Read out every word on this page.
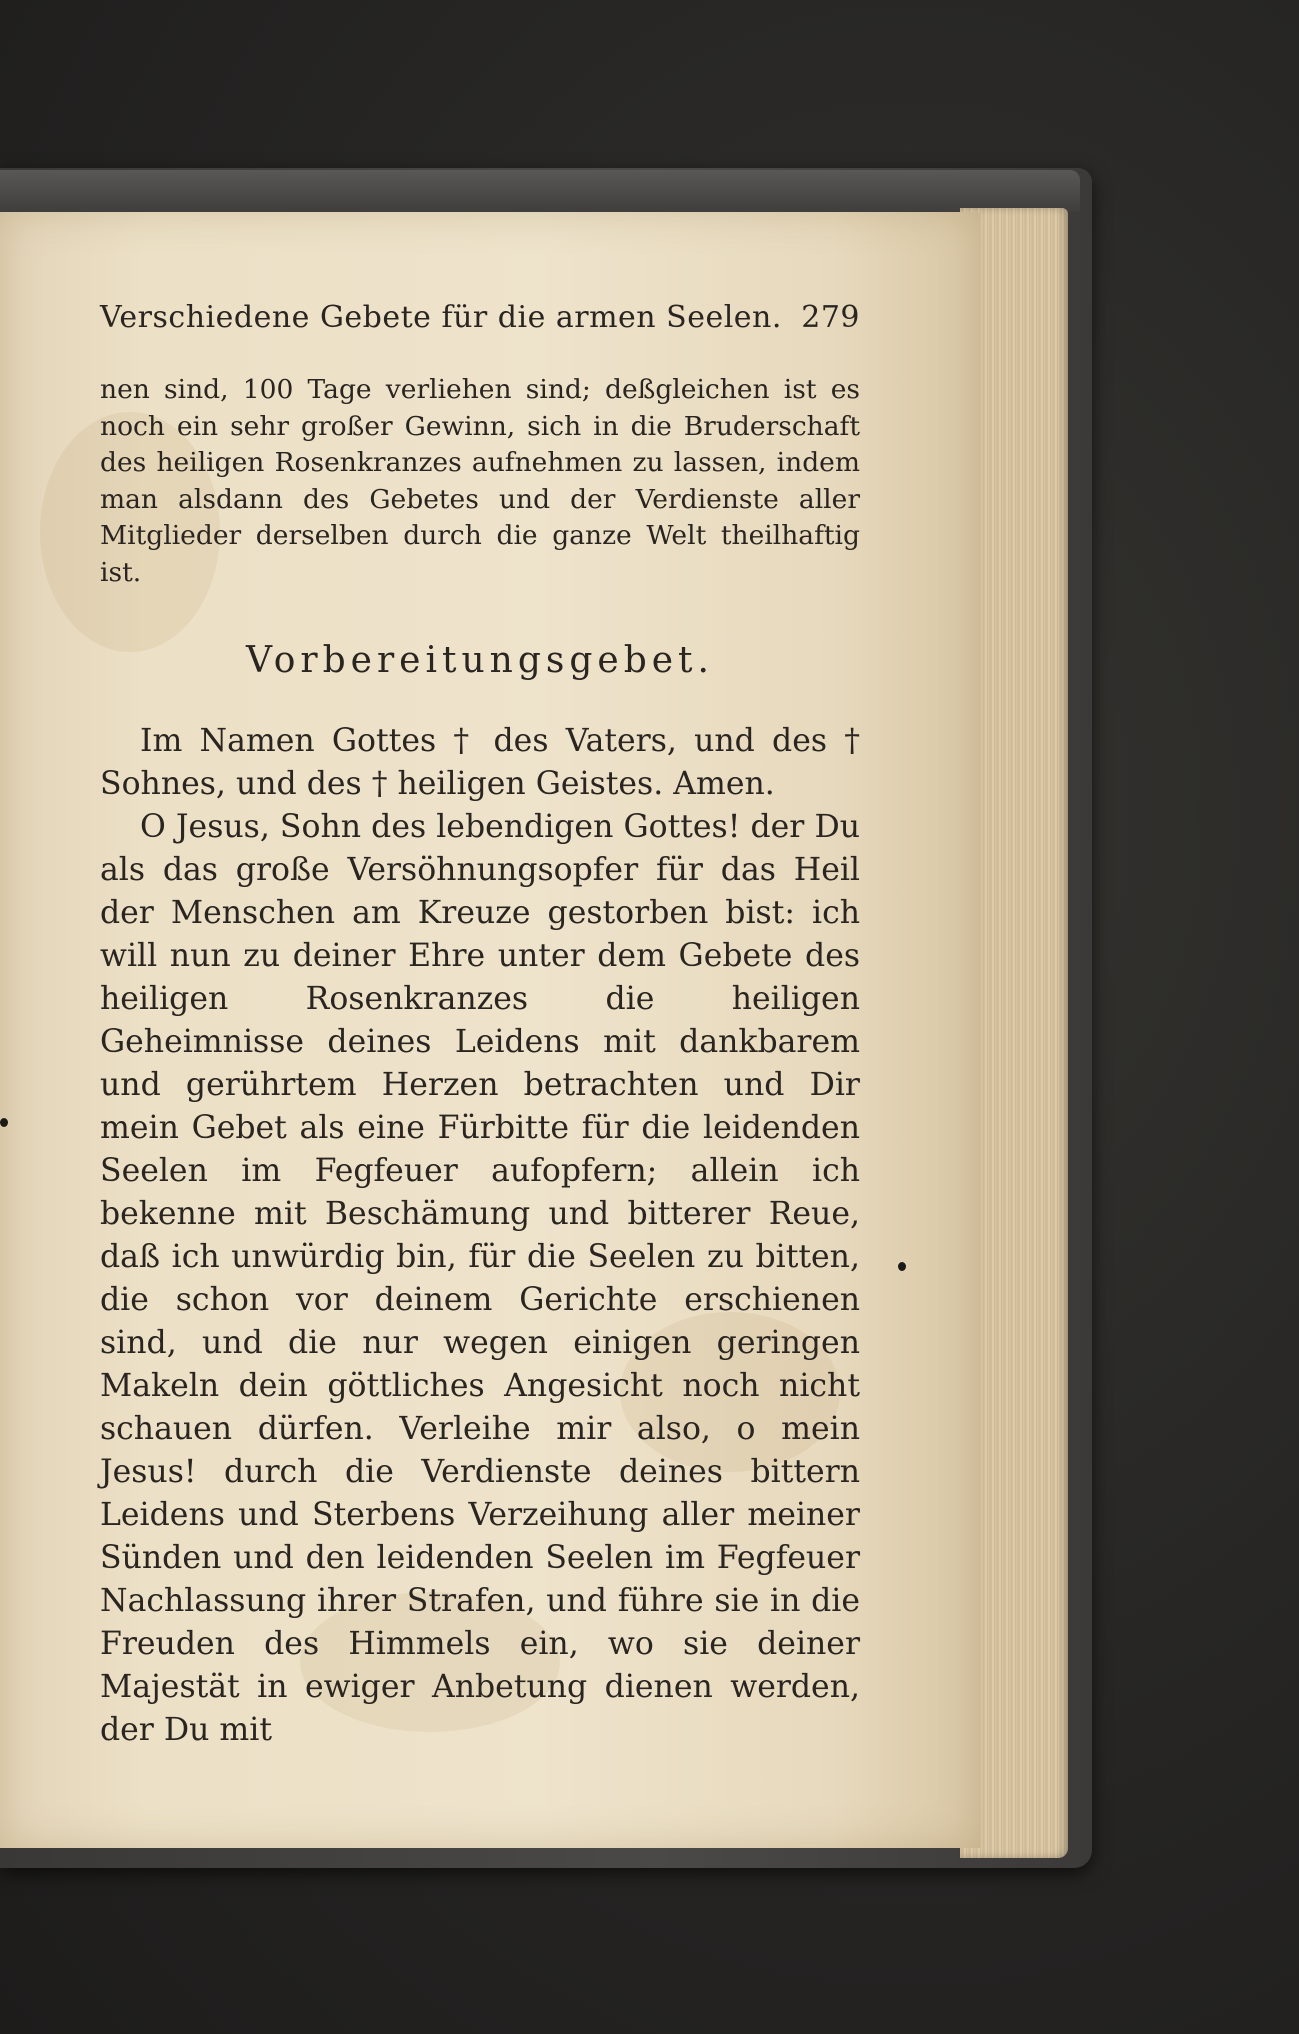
Verschiedene Gebete für die armen Seelen. 279

nen sind, 100 Tage verliehen sind; deßgleichen ist es noch ein sehr großer Gewinn, sich in die Bruderschaft des heiligen Rosenkranzes aufnehmen zu lassen, indem man alsdann des Gebetes und der Verdienste aller Mitglieder derselben durch die ganze Welt theilhaftig ist.

Vorbereitungsgebet.

Im Namen Gottes † des Vaters, und des † Sohnes, und des † heiligen Geistes. Amen.

O Jesus, Sohn des lebendigen Gottes! der Du als das große Versöhnungsopfer für das Heil der Menschen am Kreuze gestorben bist: ich will nun zu deiner Ehre unter dem Gebete des heiligen Rosenkranzes die heiligen Geheimnisse deines Leidens mit dankbarem und gerührtem Herzen betrachten und Dir mein Gebet als eine Fürbitte für die leidenden Seelen im Fegfeuer aufopfern; allein ich bekenne mit Beschämung und bitterer Reue, daß ich unwürdig bin, für die Seelen zu bitten, die schon vor deinem Gerichte erschienen sind, und die nur wegen einigen geringen Makeln dein göttliches Angesicht noch nicht schauen dürfen. Verleihe mir also, o mein Jesus! durch die Verdienste deines bittern Leidens und Sterbens Verzeihung aller meiner Sünden und den leidenden Seelen im Fegfeuer Nachlassung ihrer Strafen, und führe sie in die Freuden des Himmels ein, wo sie deiner Majestät in ewiger Anbetung dienen werden, der Du mit
